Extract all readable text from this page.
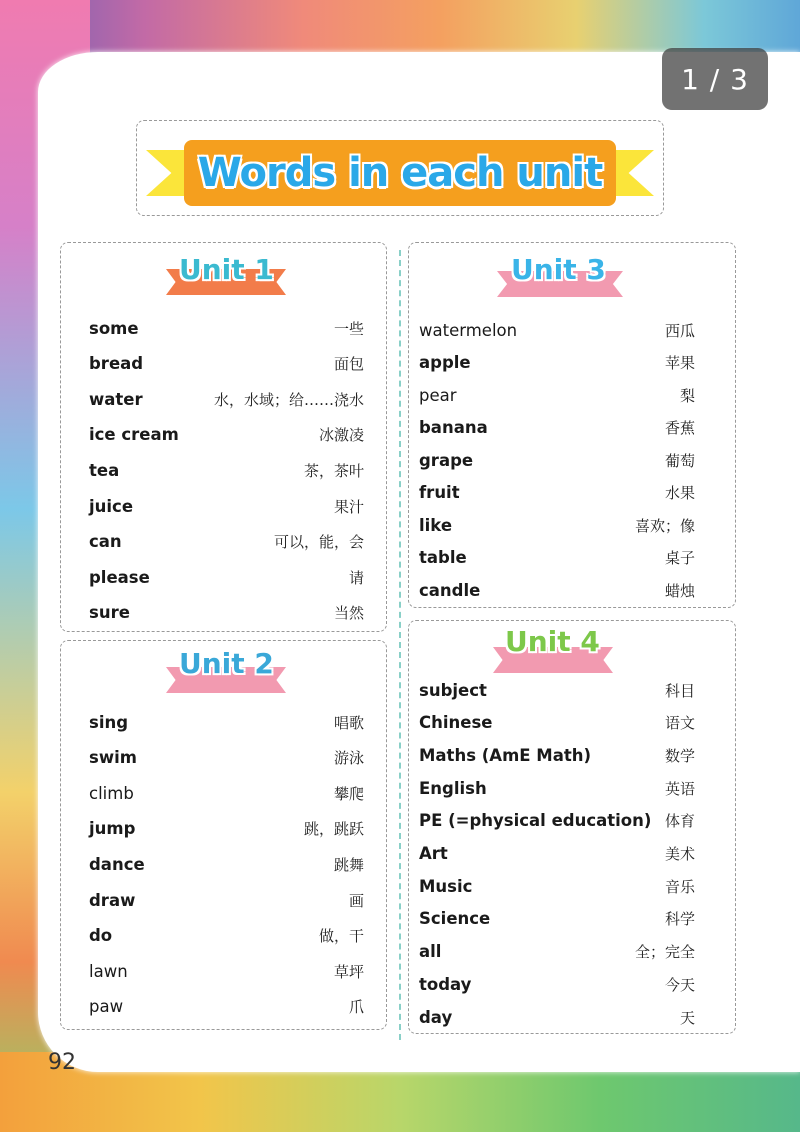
1 / 3
Words in each unit
Unit 1
some	一些
bread	面包
water	水，水域；给……浇水
ice cream	冰激凌
tea	茶，茶叶
juice	果汁
can	可以，能，会
please	请
sure	当然
Unit 2
sing	唱歌
swim	游泳
climb	攀爬
jump	跳，跳跃
dance	跳舞
draw	画
do	做，干
lawn	草坪
paw	爪
Unit 3
watermelon	西瓜
apple	苹果
pear	梨
banana	香蕉
grape	葡萄
fruit	水果
like	喜欢；像
table	桌子
candle	蜡烛
Unit 4
subject	科目
Chinese	语文
Maths (AmE Math)	数学
English	英语
PE (=physical education) 体育
Art	美术
Music	音乐
Science	科学
all	全；完全
today	今天
day	天
92
